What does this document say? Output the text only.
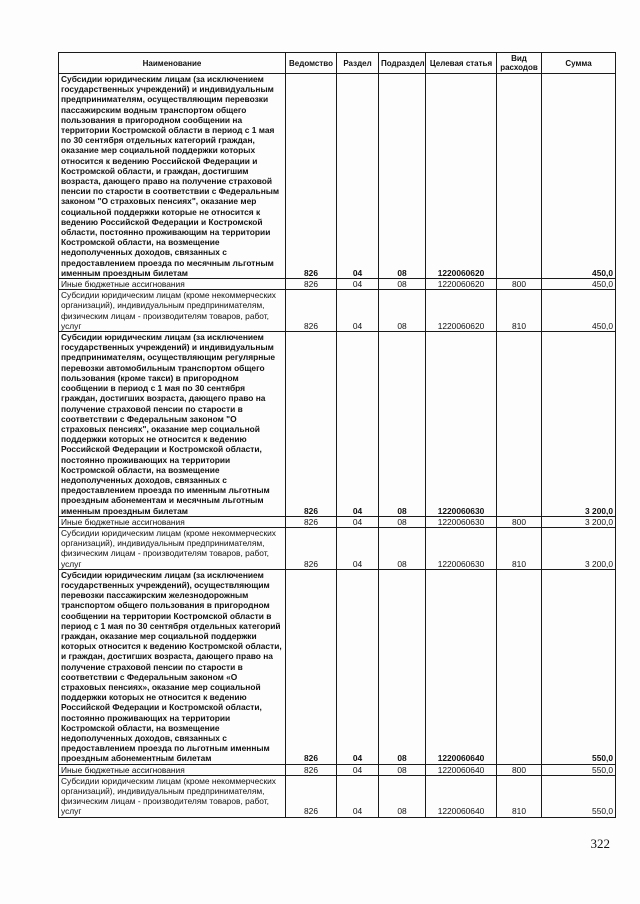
Наименование	Ведомство	Раздел	Подраздел	Целевая статья	Вид расходов	Сумма
Субсидии юридическим лицам (за исключением государственных учреждений) и индивидуальным предпринимателям, осуществляющим перевозки пассажирским водным транспортом общего пользования в пригородном сообщении на территории Костромской области в период с 1 мая по 30 сентября отдельных категорий граждан, оказание мер социальной поддержки которых относится к ведению Российской Федерации и Костромской области, и граждан, достигшим возраста, дающего право на получение страховой пенсии по старости в соответствии с Федеральным законом "О страховых пенсиях", оказание мер социальной поддержки которые не относится к ведению Российской Федерации и Костромской области, постоянно проживающим на территории Костромской области, на возмещение недополученных доходов, связанных с предоставлением проезда по месячным льготным именным проездным билетам	826	04	08	1220060620		450,0
Иные бюджетные ассигнования	826	04	08	1220060620	800	450,0
Субсидии юридическим лицам (кроме некоммерческих организаций), индивидуальным предпринимателям, физическим лицам - производителям товаров, работ, услуг	826	04	08	1220060620	810	450,0
Субсидии юридическим лицам (за исключением государственных учреждений) и индивидуальным предпринимателям, осуществляющим регулярные перевозки автомобильным транспортом общего пользования (кроме такси) в пригородном сообщении в период с 1 мая по 30 сентября граждан, достигших возраста, дающего право на получение страховой пенсии по старости в соответствии с Федеральным законом "О страховых пенсиях", оказание мер социальной поддержки которых не относится к ведению Российской Федерации и Костромской области, постоянно проживающих на территории Костромской области, на возмещение недополученных доходов, связанных с предоставлением проезда по именным льготным проездным абонементам и месячным льготным именным проездным билетам	826	04	08	1220060630		3 200,0
Иные бюджетные ассигнования	826	04	08	1220060630	800	3 200,0
Субсидии юридическим лицам (кроме некоммерческих организаций), индивидуальным предпринимателям, физическим лицам - производителям товаров, работ, услуг	826	04	08	1220060630	810	3 200,0
Субсидии юридическим лицам (за исключением государственных учреждений), осуществляющим перевозки пассажирским железнодорожным транспортом общего пользования в пригородном сообщении на территории Костромской области в период с 1 мая по 30 сентября отдельных категорий граждан, оказание мер социальной поддержки которых относится к ведению Костромской области, и граждан, достигших возраста, дающего право на получение страховой пенсии по старости в соответствии с Федеральным законом «О страховых пенсиях», оказание мер социальной поддержки которых не относится к ведению Российской Федерации и Костромской области, постоянно проживающих на территории Костромской области, на возмещение недополученных доходов, связанных с предоставлением проезда по льготным именным проездным абонементным билетам	826	04	08	1220060640		550,0
Иные бюджетные ассигнования	826	04	08	1220060640	800	550,0
Субсидии юридическим лицам (кроме некоммерческих организаций), индивидуальным предпринимателям, физическим лицам - производителям товаров, работ, услуг	826	04	08	1220060640	810	550,0
322
